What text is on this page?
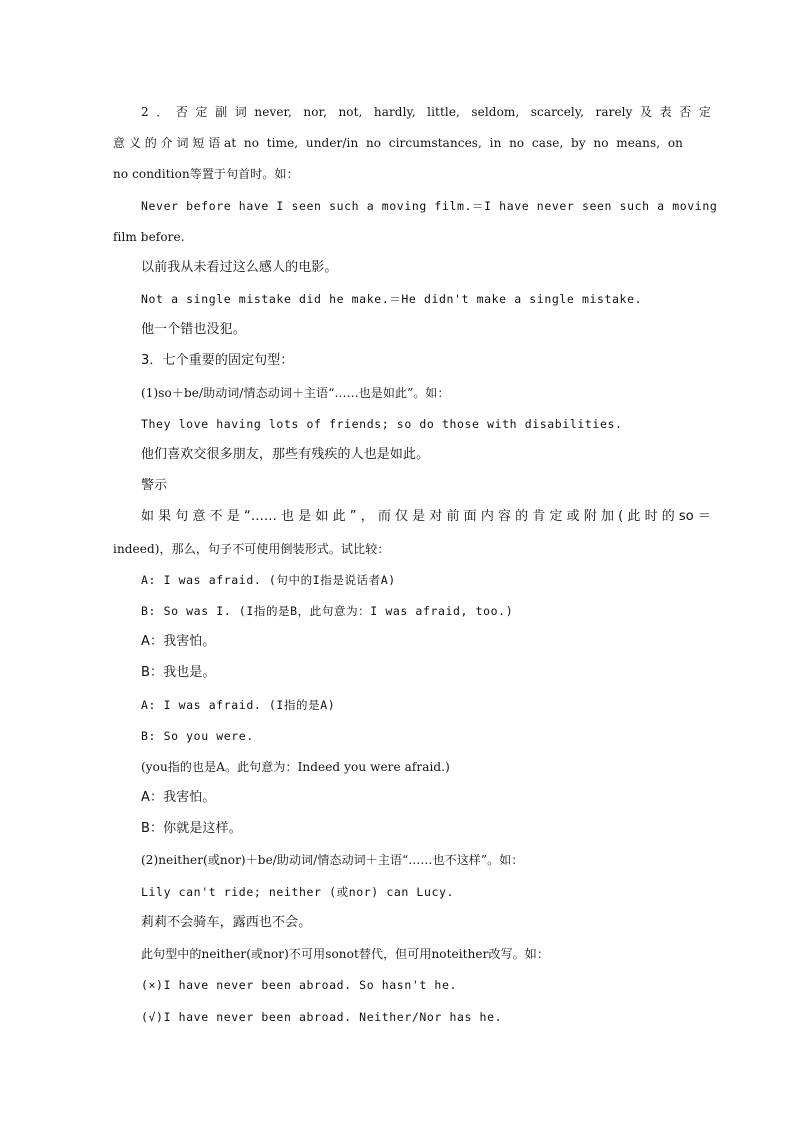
2．否定副词never, nor, not, hardly, little, seldom, scarcely, rarely及表否定
意义的介词短语at no time, under/in no circumstances, in no case, by no means, on
no condition等置于句首时。如：
Never before have I seen such a moving film.＝I have never seen such a moving
film before.
以前我从未看过这么感人的电影。
Not a single mistake did he make.＝He didn't make a single mistake.
他一个错也没犯。
3．七个重要的固定句型：
(1)so＋be/助动词/情态动词＋主语“……也是如此”。如：
They love having lots of friends; so do those with disabilities.
他们喜欢交很多朋友，那些有残疾的人也是如此。
警示
如果句意不是“……也是如此”，而仅是对前面内容的肯定或附加(此时的so＝
indeed)，那么，句子不可使用倒装形式。试比较：
A: I was afraid. (句中的I指是说话者A)
B: So was I. (I指的是B，此句意为：I was afraid, too.)
A：我害怕。
B：我也是。
A: I was afraid. (I指的是A)
B: So you were.
(you指的也是A。此句意为：Indeed you were afraid.)
A：我害怕。
B：你就是这样。
(2)neither(或nor)＋be/助动词/情态动词＋主语“……也不这样”。如：
Lily can't ride; neither (或nor) can Lucy.
莉莉不会骑车，露西也不会。
此句型中的neither(或nor)不可用sonot替代，但可用noteither改写。如：
(×)I have never been abroad. So hasn't he.
(√)I have never been abroad. Neither/Nor has he.
